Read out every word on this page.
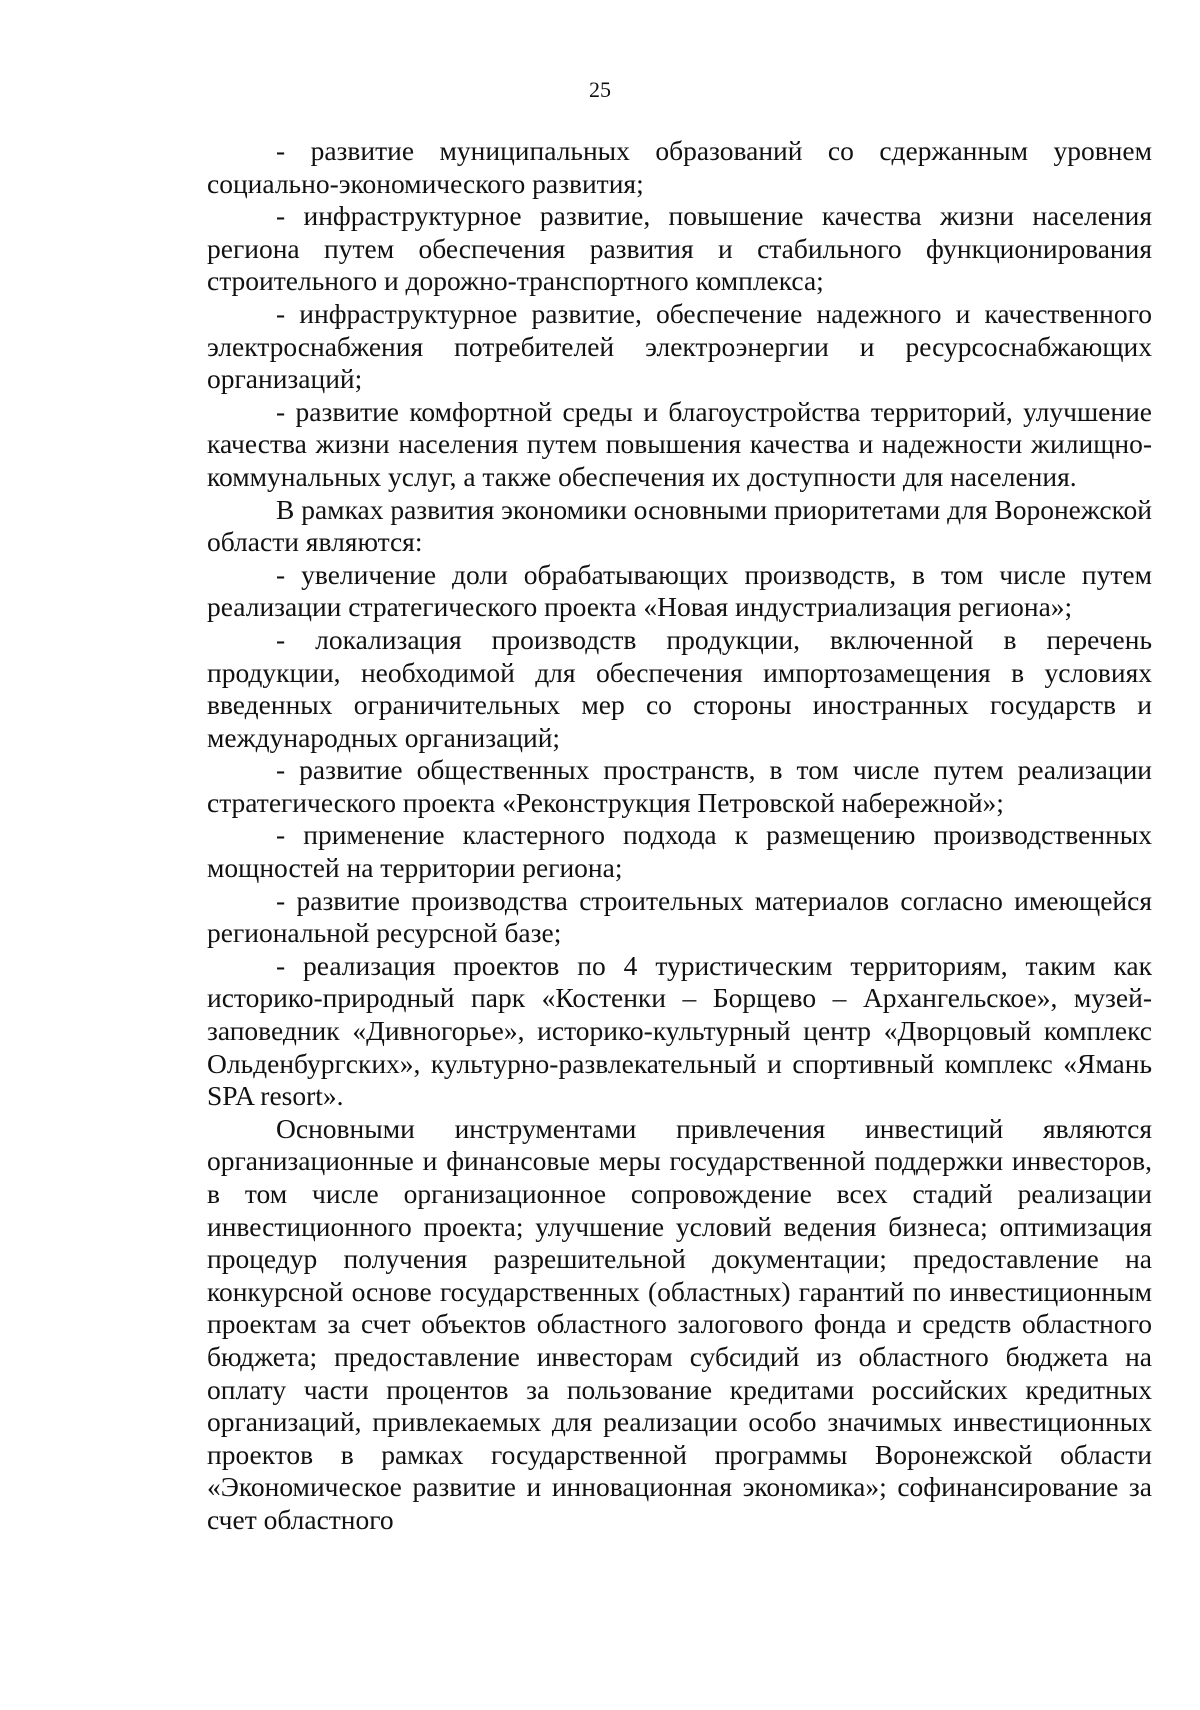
25

- развитие муниципальных образований со сдержанным уровнем социально-экономического развития;

- инфраструктурное развитие, повышение качества жизни населения региона путем обеспечения развития и стабильного функционирования строительного и дорожно-транспортного комплекса;

- инфраструктурное развитие, обеспечение надежного и качественного электроснабжения потребителей электроэнергии и ресурсоснабжающих организаций;

- развитие комфортной среды и благоустройства территорий, улучшение качества жизни населения путем повышения качества и надежности жилищно-коммунальных услуг, а также обеспечения их доступности для населения.

В рамках развития экономики основными приоритетами для Воронежской области являются:

- увеличение доли обрабатывающих производств, в том числе путем реализации стратегического проекта «Новая индустриализация региона»;

- локализация производств продукции, включенной в перечень продукции, необходимой для обеспечения импортозамещения в условиях введенных ограничительных мер со стороны иностранных государств и международных организаций;

- развитие общественных пространств, в том числе путем реализации стратегического проекта «Реконструкция Петровской набережной»;

- применение кластерного подхода к размещению производственных мощностей на территории региона;

- развитие производства строительных материалов согласно имеющейся региональной ресурсной базе;

- реализация проектов по 4 туристическим территориям, таким как историко-природный парк «Костенки – Борщево – Архангельское», музей-заповедник «Дивногорье», историко-культурный центр «Дворцовый комплекс Ольденбургских», культурно-развлекательный и спортивный комплекс «Ямань SPA resort».

Основными инструментами привлечения инвестиций являются организационные и финансовые меры государственной поддержки инвесторов, в том числе организационное сопровождение всех стадий реализации инвестиционного проекта; улучшение условий ведения бизнеса; оптимизация процедур получения разрешительной документации; предоставление на конкурсной основе государственных (областных) гарантий по инвестиционным проектам за счет объектов областного залогового фонда и средств областного бюджета; предоставление инвесторам субсидий из областного бюджета на оплату части процентов за пользование кредитами российских кредитных организаций, привлекаемых для реализации особо значимых инвестиционных проектов в рамках государственной программы Воронежской области «Экономическое развитие и инновационная экономика»; софинансирование за счет областного
